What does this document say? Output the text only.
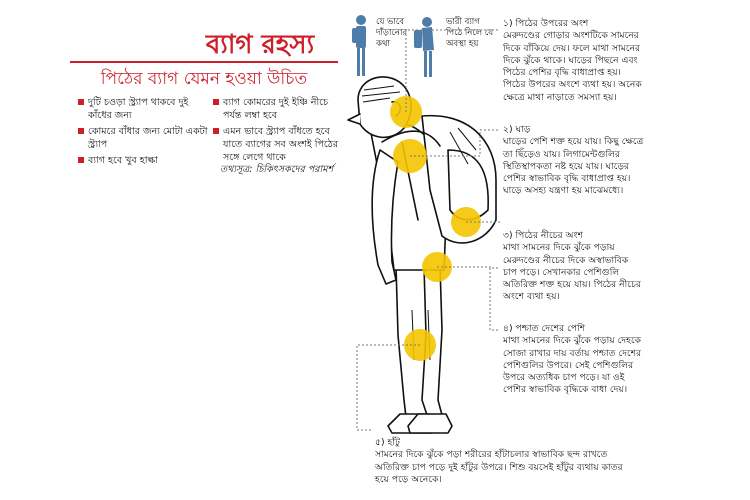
ব্যাগ রহস্য
পিঠের ব্যাগ যেমন হওয়া উচিত
দুটি চওড়া স্ট্র্যাপ থাকবে দুই কাঁধের জন্য
কোমরে বাঁধার জন্য মোটা একটা স্ট্র্যাপ
ব্যাগ হবে খুব হাল্কা
ব্যাগ কোমরের দুই ইঞ্চি নীচে পর্যন্ত লম্বা হবে
এমন ভাবে স্ট্র্যাপ বাঁধতে হবে যাতে ব্যাগের সব অংশই পিঠের সঙ্গে লেগে থাকে
তথ্যসূত্র: চিকিৎসকদের পরামর্শ
যে ভাবে দাঁড়ানোর কথা
ভারী ব্যাগ পিঠে নিলে যে অবস্থা হয়
১) পিঠের উপরের অংশ
মেরুদণ্ডের গোড়ার অংশটিকে সামনের দিকে বাঁকিয়ে দেয়। ফলে মাথা সামনের দিকে ঝুঁকে থাকে। ঘাড়ের পিছনে এবং পিঠের পেশির বৃদ্ধি বাধাপ্রাপ্ত হয়। পিঠের উপরের অংশে ব্যথা হয়। অনেক ক্ষেত্রে মাথা নাড়াতে সমস্যা হয়।
২) ঘাড়
ঘাড়ের পেশি শক্ত হয়ে যায়। কিছু ক্ষেত্রে তা ছিঁড়েও যায়। লিগামেন্টগুলির স্থিতিস্থাপকতা নষ্ট হয়ে যায়। ঘাড়ের পেশির স্বাভাবিক বৃদ্ধি বাধাপ্রাপ্ত হয়। ঘাড়ে অসহ্য যন্ত্রণা হয় মাঝেমধ্যে।
৩) পিঠের নীচের অংশ
মাথা সামনের দিকে ঝুঁকে পড়ায় মেরুদণ্ডের নীচের দিকে অস্বাভাবিক চাপ পড়ে। সেখানকার পেশিগুলি অতিরিক্ত শক্ত হয়ে যায়। পিঠের নীচের অংশে ব্যথা হয়।
৪) পশ্চাত দেশের পেশি
মাথা সামনের দিকে ঝুঁকে পড়ায় দেহকে সোজা রাখার দায় বর্তায় পশ্চাত দেশের পেশিগুলির উপরে। সেই পেশিগুলির উপরে অত্যধিক চাপ পড়ে। যা ওই পেশির স্বাভাবিক বৃদ্ধিকে বাধা দেয়।
৫) হাঁটু
সামনের দিকে ঝুঁকে পড়া শরীরের হাঁটাচলার স্বাভাবিক ছন্দ রাখতে অতিরিক্ত চাপ পড়ে দুই হাঁটুর উপরে। শিশু বয়সেই হাঁটুর ব্যথায় কাতর হয়ে পড়ে অনেকে।
